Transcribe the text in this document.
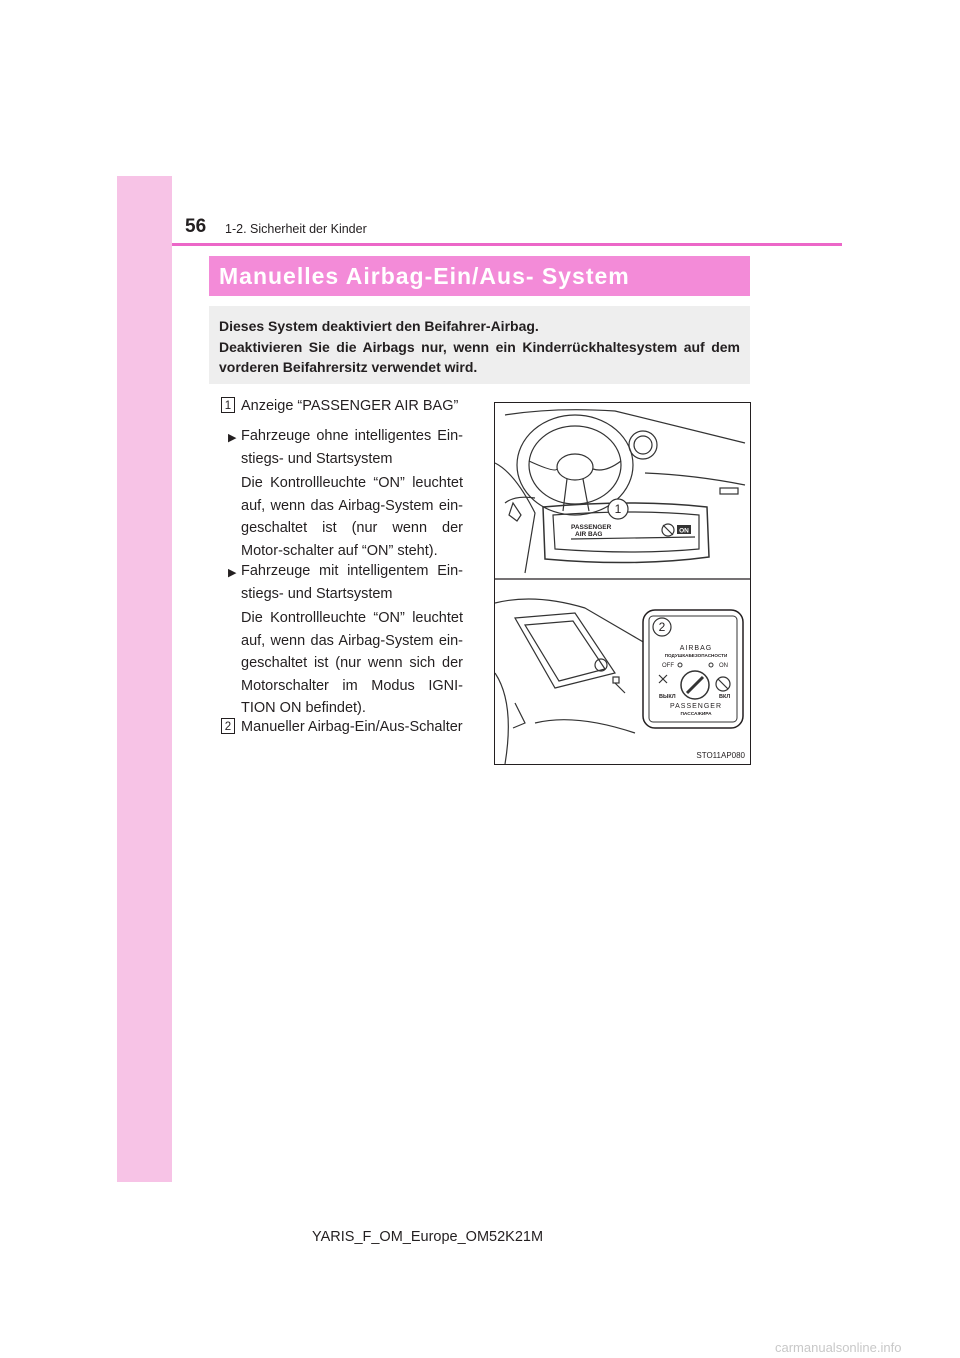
56 1-2. Sicherheit der Kinder
Manuelles Airbag-Ein/Aus- System
Dieses System deaktiviert den Beifahrer-Airbag.
Deaktivieren Sie die Airbags nur, wenn ein Kinderrückhaltesystem auf dem vorderen Beifahrersitz verwendet wird.
1 Anzeige “PASSENGER AIR BAG”
▶ Fahrzeuge ohne intelligentes Ein-stiegs- und Startsystem
Die Kontrollleuchte “ON” leuchtet auf, wenn das Airbag-System ein-geschaltet ist (nur wenn der Motor-schalter auf “ON” steht).
▶ Fahrzeuge mit intelligentem Ein-stiegs- und Startsystem
Die Kontrollleuchte “ON” leuchtet auf, wenn das Airbag-System ein-geschaltet ist (nur wenn sich der Motorschalter im Modus IGNI-TION ON befindet).
2 Manueller Airbag-Ein/Aus-Schalter
1
PASSENGER
AIR BAG	ON
2
AIRBAG
ПОДУШКАБЕЗОПАСНОСТИ
OFF	ON
ВЫКЛ	ВКЛ
PASSENGER
ПАССАЖИРА
STO11AP080
YARIS_F_OM_Europe_OM52K21M
carmanualsonline.info
